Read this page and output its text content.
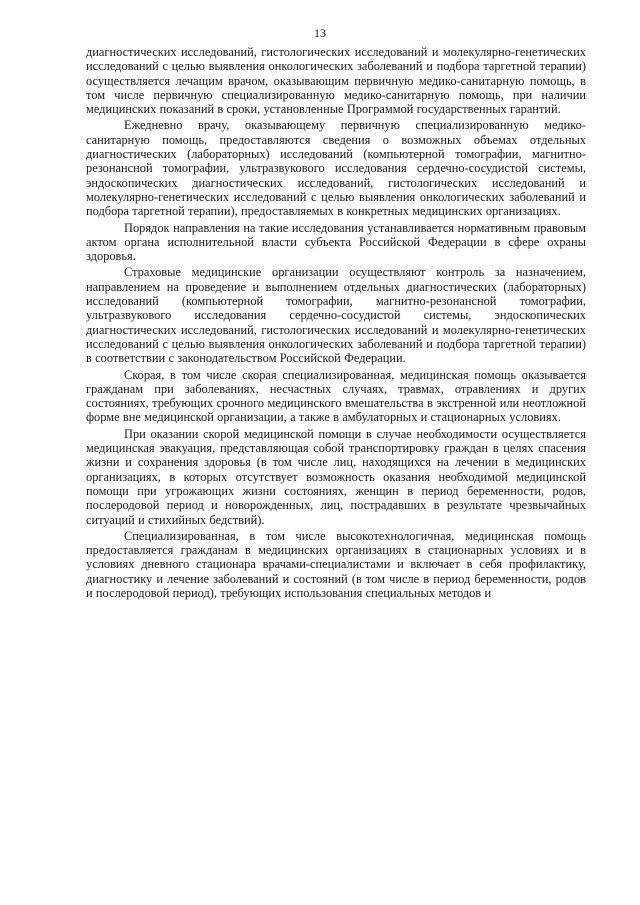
13

диагностических исследований, гистологических исследований и молекулярно-генетических исследований с целью выявления онкологических заболеваний и подбора таргетной терапии) осуществляется лечащим врачом, оказывающим первичную медико-санитарную помощь, в том числе первичную специализированную медико-санитарную помощь, при наличии медицинских показаний в сроки, установленные Программой государственных гарантий.

Ежедневно врачу, оказывающему первичную специализированную медико-санитарную помощь, предоставляются сведения о возможных объемах отдельных диагностических (лабораторных) исследований (компьютерной томографии, магнитно-резонансной томографии, ультразвукового исследования сердечно-сосудистой системы, эндоскопических диагностических исследований, гистологических исследований и молекулярно-генетических исследований с целью выявления онкологических заболеваний и подбора таргетной терапии), предоставляемых в конкретных медицинских организациях.

Порядок направления на такие исследования устанавливается нормативным правовым актом органа исполнительной власти субъекта Российской Федерации в сфере охраны здоровья.

Страховые медицинские организации осуществляют контроль за назначением, направлением на проведение и выполнением отдельных диагностических (лабораторных) исследований (компьютерной томографии, магнитно-резонансной томографии, ультразвукового исследования сердечно-сосудистой системы, эндоскопических диагностических исследований, гистологических исследований и молекулярно-генетических исследований с целью выявления онкологических заболеваний и подбора таргетной терапии) в соответствии с законодательством Российской Федерации.

Скорая, в том числе скорая специализированная, медицинская помощь оказывается гражданам при заболеваниях, несчастных случаях, травмах, отравлениях и других состояниях, требующих срочного медицинского вмешательства в экстренной или неотложной форме вне медицинской организации, а также в амбулаторных и стационарных условиях.

При оказании скорой медицинской помощи в случае необходимости осуществляется медицинская эвакуация, представляющая собой транспортировку граждан в целях спасения жизни и сохранения здоровья (в том числе лиц, находящихся на лечении в медицинских организациях, в которых отсутствует возможность оказания необходимой медицинской помощи при угрожающих жизни состояниях, женщин в период беременности, родов, послеродовой период и новорожденных, лиц, пострадавших в результате чрезвычайных ситуаций и стихийных бедствий).

Специализированная, в том числе высокотехнологичная, медицинская помощь предоставляется гражданам в медицинских организациях в стационарных условиях и в условиях дневного стационара врачами-специалистами и включает в себя профилактику, диагностику и лечение заболеваний и состояний (в том числе в период беременности, родов и послеродовой период), требующих использования специальных методов и
